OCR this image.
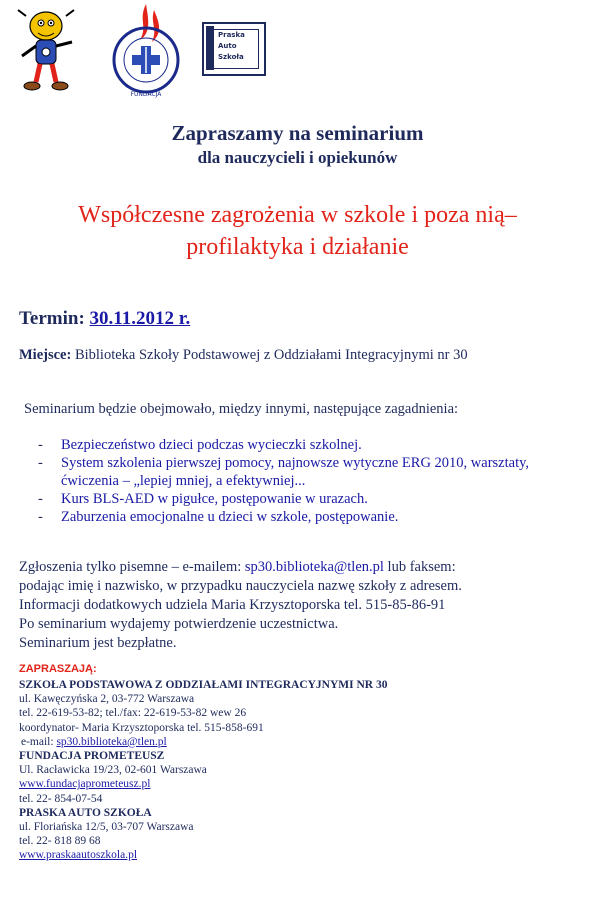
FUNDACJA
Praska
Auto
Szkoła
Zapraszamy na seminarium
dla nauczycieli i opiekunów
Współczesne zagrożenia w szkole i poza nią–
profilaktyka i działanie
Termin: 30.11.2012 r.
Miejsce: Biblioteka Szkoły Podstawowej z Oddziałami Integracyjnymi nr 30
Seminarium będzie obejmowało, między innymi, następujące zagadnienia:
- Bezpieczeństwo dzieci podczas wycieczki szkolnej.
- System szkolenia pierwszej pomocy, najnowsze wytyczne ERG 2010, warsztaty, ćwiczenia – „lepiej mniej, a efektywniej...
- Kurs BLS-AED w pigułce, postępowanie w urazach.
- Zaburzenia emocjonalne u dzieci w szkole, postępowanie.
Zgłoszenia tylko pisemne – e-mailem: sp30.biblioteka@tlen.pl lub faksem:
podając imię i nazwisko, w przypadku nauczyciela nazwę szkoły z adresem.
Informacji dodatkowych udziela Maria Krzysztoporska tel. 515-85-86-91
Po seminarium wydajemy potwierdzenie uczestnictwa.
Seminarium jest bezpłatne.
ZAPRASZAJĄ:
SZKOŁA PODSTAWOWA Z ODDZIAŁAMI INTEGRACYJNYMI NR 30
ul. Kawęczyńska 2, 03-772 Warszawa
tel. 22-619-53-82; tel./fax: 22-619-53-82 wew 26
koordynator- Maria Krzysztoporska tel. 515-858-691
e-mail: sp30.biblioteka@tlen.pl
FUNDACJA PROMETEUSZ
Ul. Racławicka 19/23, 02-601 Warszawa
www.fundacjaprometeusz.pl
tel. 22- 854-07-54
PRASKA AUTO SZKOŁA
ul. Floriańska 12/5, 03-707 Warszawa
tel. 22- 818 89 68
www.praskaautoszkola.pl
